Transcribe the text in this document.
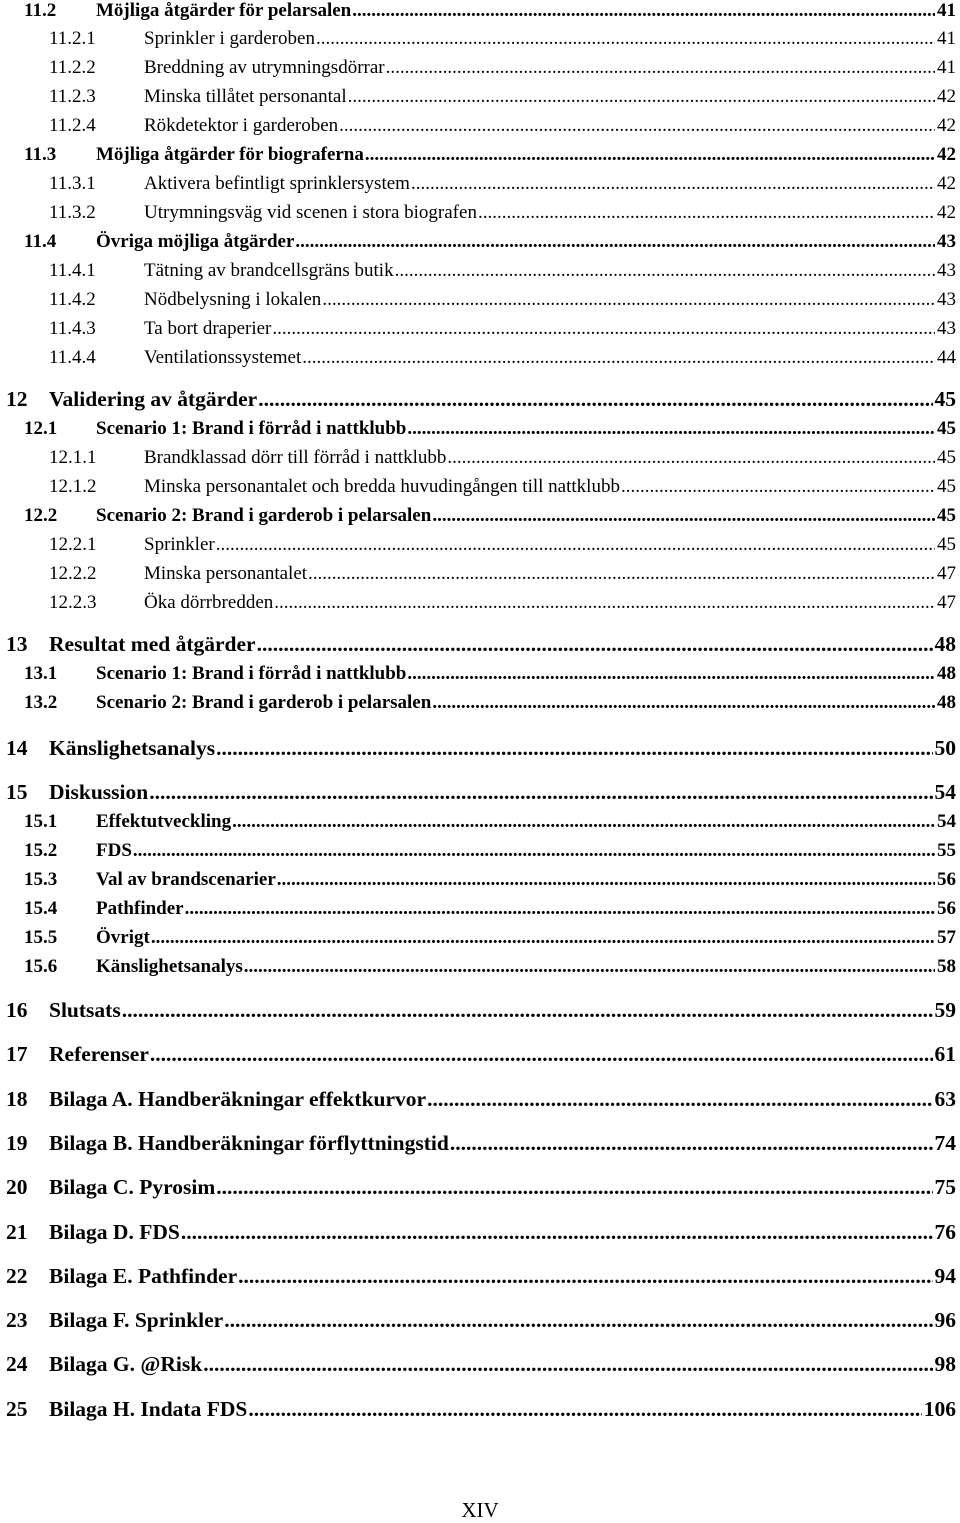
11.2	Möjliga åtgärder för pelarsalen .....	41
11.2.1	Sprinkler i garderoben .....	41
11.2.2	Breddning av utrymningsdörrar .....	41
11.2.3	Minska tillåtet personantal .....	42
11.2.4	Rökdetektor i garderoben .....	42
11.3	Möjliga åtgärder för biograferna .....	42
11.3.1	Aktivera befintligt sprinklersystem .....	42
11.3.2	Utrymningsväg vid scenen i stora biografen .....	42
11.4	Övriga möjliga åtgärder .....	43
11.4.1	Tätning av brandcellsgräns butik .....	43
11.4.2	Nödbelysning i lokalen .....	43
11.4.3	Ta bort draperier .....	43
11.4.4	Ventilationssystemet .....	44
12	Validering av åtgärder .....	45
12.1	Scenario 1: Brand i förråd i nattklubb .....	45
12.1.1	Brandklassad dörr till förråd i nattklubb .....	45
12.1.2	Minska personantalet och bredda huvudingången till nattklubb .....	45
12.2	Scenario 2: Brand i garderob i pelarsalen .....	45
12.2.1	Sprinkler .....	45
12.2.2	Minska personantalet .....	47
12.2.3	Öka dörrbredden .....	47
13	Resultat med åtgärder .....	48
13.1	Scenario 1: Brand i förråd i nattklubb .....	48
13.2	Scenario 2: Brand i garderob i pelarsalen .....	48
14	Känslighetsanalys .....	50
15	Diskussion .....	54
15.1	Effektutveckling .....	54
15.2	FDS .....	55
15.3	Val av brandscenarier .....	56
15.4	Pathfinder .....	56
15.5	Övrigt .....	57
15.6	Känslighetsanalys .....	58
16	Slutsats .....	59
17	Referenser .....	61
18	Bilaga A. Handberäkningar effektkurvor .....	63
19	Bilaga B. Handberäkningar förflyttningstid .....	74
20	Bilaga C. Pyrosim .....	75
21	Bilaga D. FDS .....	76
22	Bilaga E. Pathfinder .....	94
23	Bilaga F. Sprinkler .....	96
24	Bilaga G. @Risk .....	98
25	Bilaga H. Indata FDS .....	106
XIV
